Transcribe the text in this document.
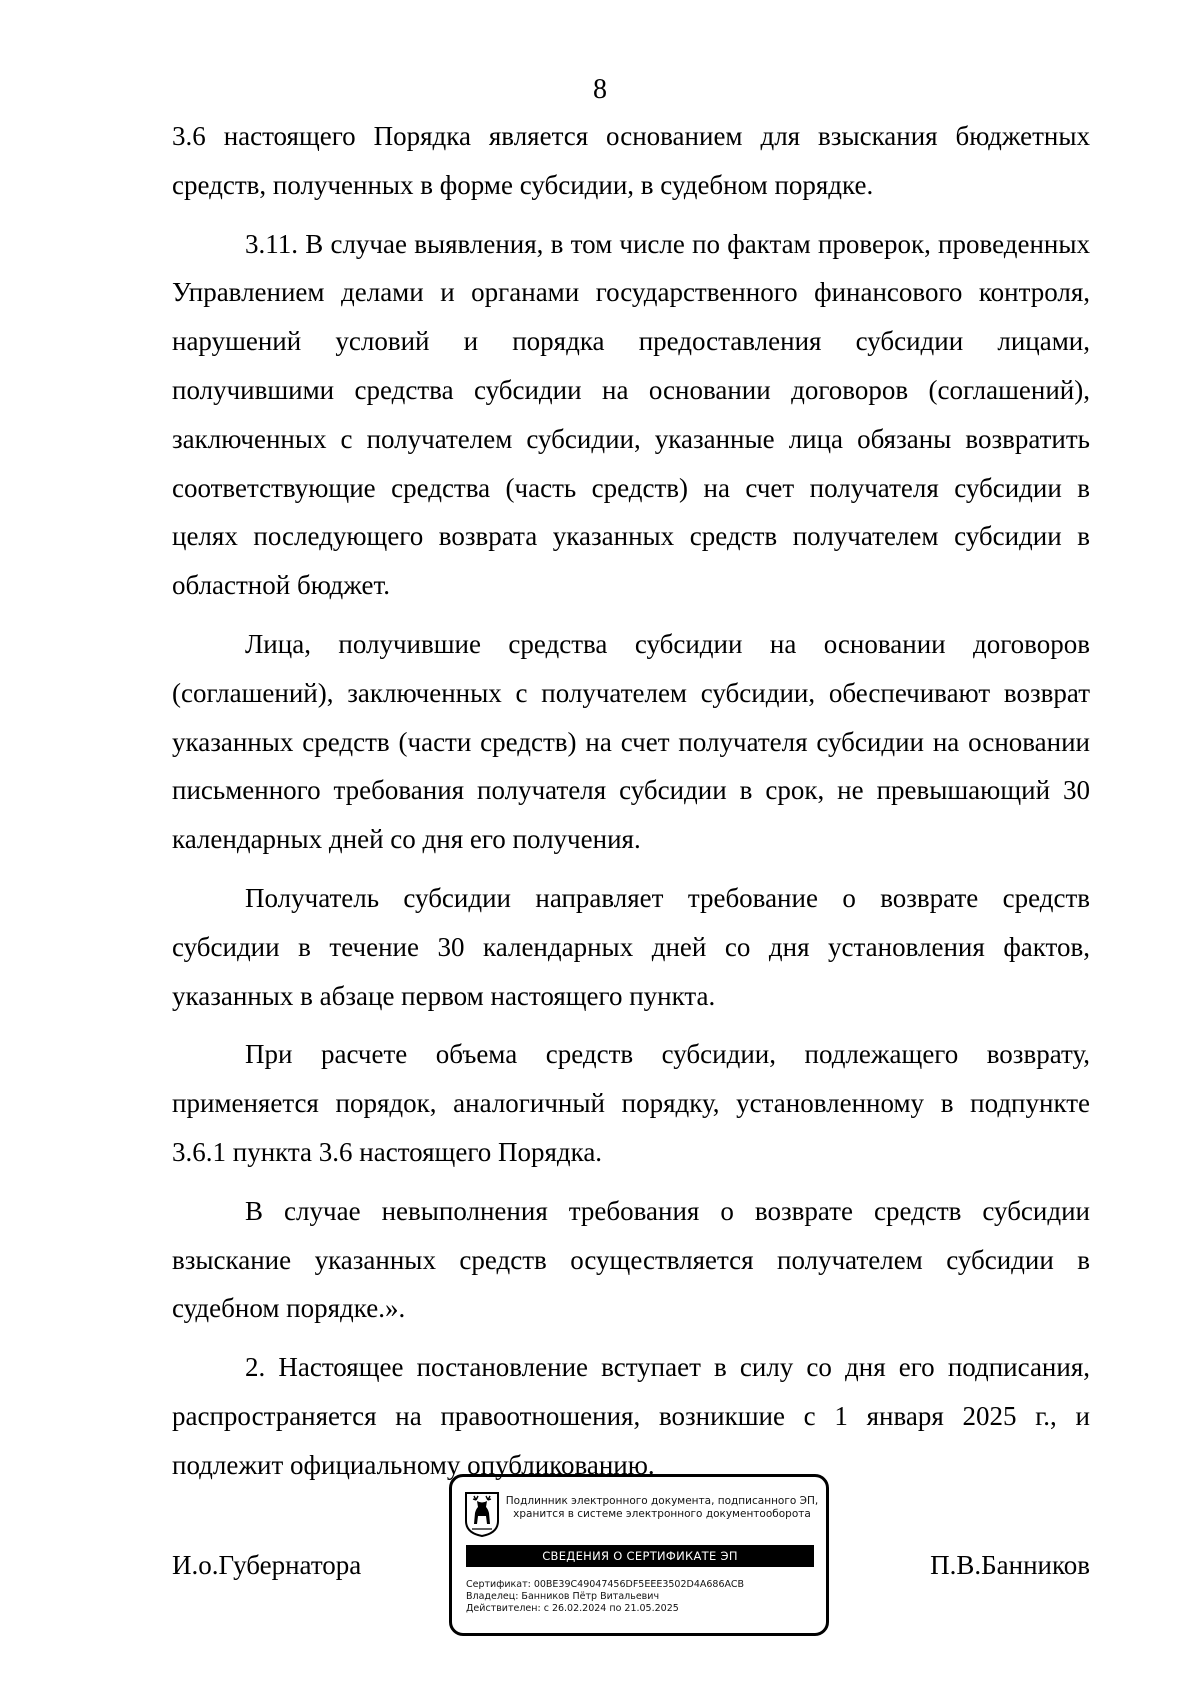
8

3.6 настоящего Порядка является основанием для взыскания бюджетных средств, полученных в форме субсидии, в судебном порядке.

3.11. В случае выявления, в том числе по фактам проверок, проведенных Управлением делами и органами государственного финансового контроля, нарушений условий и порядка предоставления субсидии лицами, получившими средства субсидии на основании договоров (соглашений), заключенных с получателем субсидии, указанные лица обязаны возвратить соответствующие средства (часть средств) на счет получателя субсидии в целях последующего возврата указанных средств получателем субсидии в областной бюджет.

Лица, получившие средства субсидии на основании договоров (соглашений), заключенных с получателем субсидии, обеспечивают возврат указанных средств (части средств) на счет получателя субсидии на основании письменного требования получателя субсидии в срок, не превышающий 30 календарных дней со дня его получения.

Получатель субсидии направляет требование о возврате средств субсидии в течение 30 календарных дней со дня установления фактов, указанных в абзаце первом настоящего пункта.

При расчете объема средств субсидии, подлежащего возврату, применяется порядок, аналогичный порядку, установленному в подпункте 3.6.1 пункта 3.6 настоящего Порядка.

В случае невыполнения требования о возврате средств субсидии взыскание указанных средств осуществляется получателем субсидии в судебном порядке.».

2. Настоящее постановление вступает в силу со дня его подписания, распространяется на правоотношения, возникшие с 1 января 2025 г., и подлежит официальному опубликованию.

И.о.Губернатора	П.В.Банников
Подлинник электронного документа, подписанного ЭП, хранится в системе электронного документооборота
СВЕДЕНИЯ О СЕРТИФИКАТЕ ЭП
Сертификат: 00BE39C49047456DF5EEE3502D4A686ACB
Владелец: Банников Пётр Витальевич
Действителен: с 26.02.2024 по 21.05.2025
